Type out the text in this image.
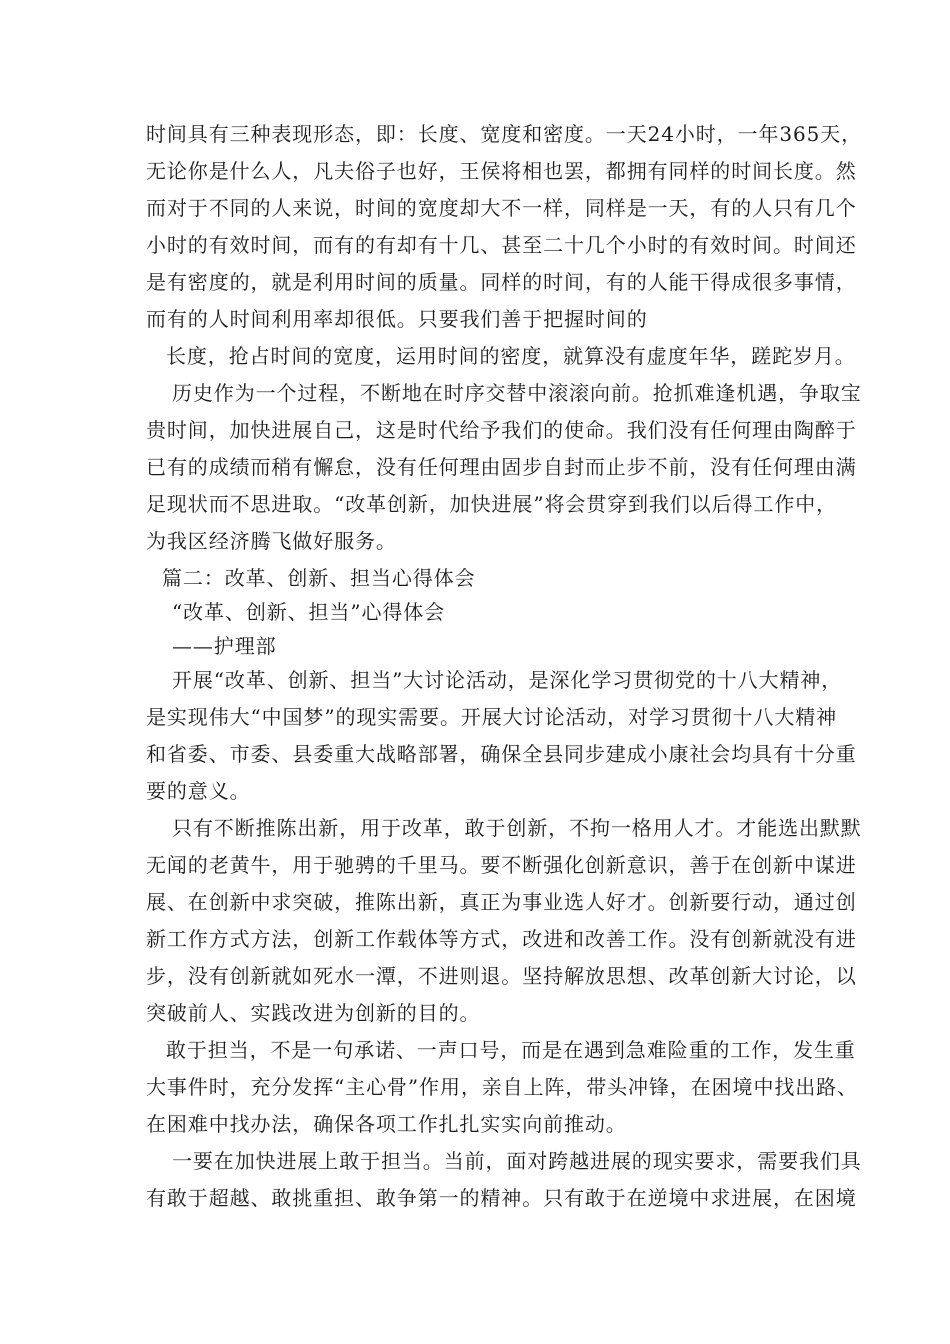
时间具有三种表现形态，即：长度、宽度和密度。一天24小时，一年365天，
无论你是什么人，凡夫俗子也好，王侯将相也罢，都拥有同样的时间长度。然
而对于不同的人来说，时间的宽度却大不一样，同样是一天，有的人只有几个
小时的有效时间，而有的有却有十几、甚至二十几个小时的有效时间。时间还
是有密度的，就是利用时间的质量。同样的时间，有的人能干得成很多事情，
而有的人时间利用率却很低。只要我们善于把握时间的
长度，抢占时间的宽度，运用时间的密度，就算没有虚度年华，蹉跎岁月。
历史作为一个过程，不断地在时序交替中滚滚向前。抢抓难逢机遇，争取宝
贵时间，加快进展自己，这是时代给予我们的使命。我们没有任何理由陶醉于
已有的成绩而稍有懈怠，没有任何理由固步自封而止步不前，没有任何理由满
足现状而不思进取。“改革创新，加快进展”将会贯穿到我们以后得工作中，
为我区经济腾飞做好服务。
篇二：改革、创新、担当心得体会
“改革、创新、担当”心得体会
——护理部
开展“改革、创新、担当”大讨论活动，是深化学习贯彻党的十八大精神，
是实现伟大“中国梦”的现实需要。开展大讨论活动，对学习贯彻十八大精神
和省委、市委、县委重大战略部署，确保全县同步建成小康社会均具有十分重
要的意义。
只有不断推陈出新，用于改革，敢于创新，不拘一格用人才。才能选出默默
无闻的老黄牛，用于驰骋的千里马。要不断强化创新意识，善于在创新中谋进
展、在创新中求突破，推陈出新，真正为事业选人好才。创新要行动，通过创
新工作方式方法，创新工作载体等方式，改进和改善工作。没有创新就没有进
步，没有创新就如死水一潭，不进则退。坚持解放思想、改革创新大讨论，以
突破前人、实践改进为创新的目的。
敢于担当，不是一句承诺、一声口号，而是在遇到急难险重的工作，发生重
大事件时，充分发挥“主心骨”作用，亲自上阵，带头冲锋，在困境中找出路、
在困难中找办法，确保各项工作扎扎实实向前推动。
一要在加快进展上敢于担当。当前，面对跨越进展的现实要求，需要我们具
有敢于超越、敢挑重担、敢争第一的精神。只有敢于在逆境中求进展，在困境
